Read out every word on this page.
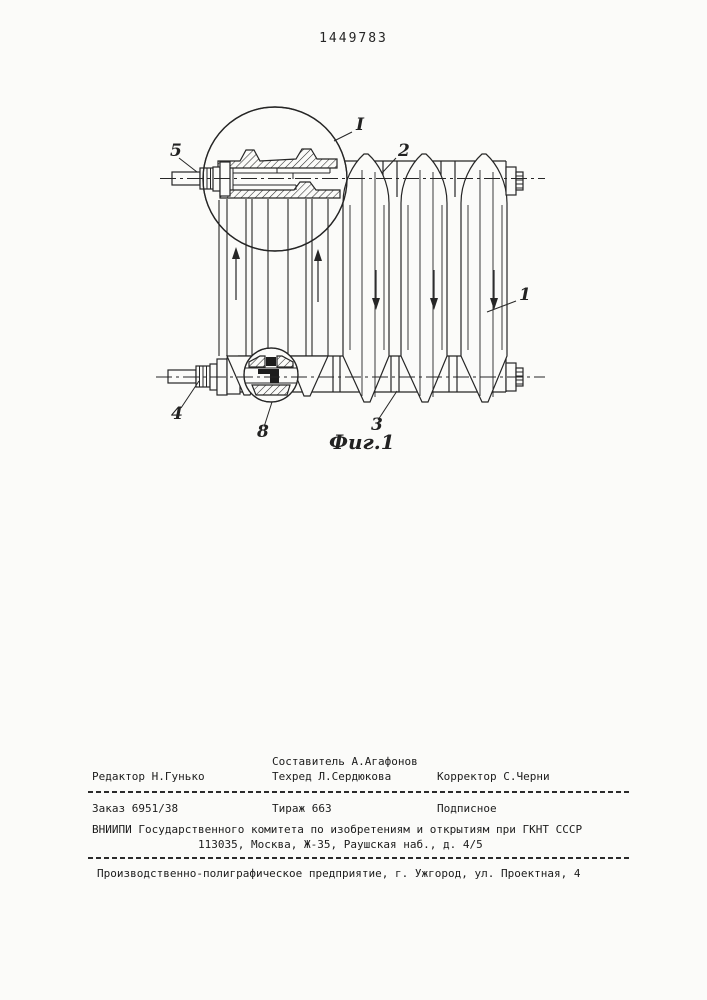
1449783
5
I
2
1
4
8	3
Фиг.1
Составитель А.Агафонов
Редактор Н.Гунько	Техред Л.Сердюкова	Корректор С.Черни
Заказ 6951/38	Тираж 663	Подписное
ВНИИПИ Государственного комитета по изобретениям и открытиям при ГКНТ СССР
113035, Москва, Ж-35, Раушская наб., д. 4/5
Производственно-полиграфическое предприятие, г. Ужгород, ул. Проектная, 4
